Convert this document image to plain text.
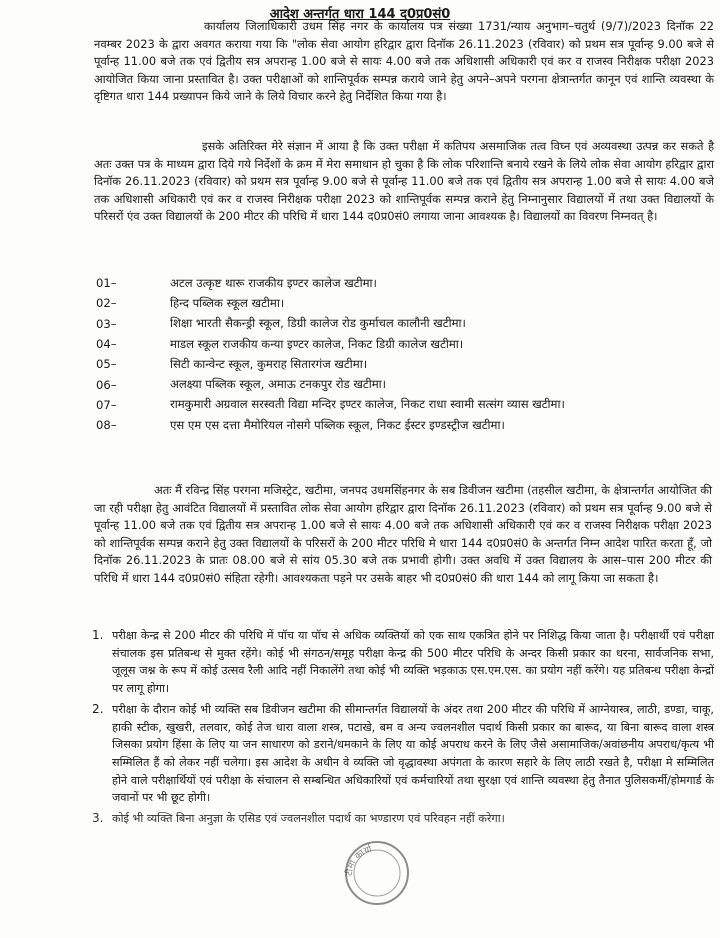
आदेश अन्तर्गत धारा 144 द0प्र0सं0

कार्यालय जिलाधिकारी उधम सिंह नगर के कार्यालय पत्र संख्या 1731/न्याय अनुभाग–चतुर्थ (9/7)/2023 दिनॉक 22 नवम्बर 2023 के द्वारा अवगत कराया गया कि "लोक सेवा आयोग हरिद्वार द्वारा दिनॉक 26.11.2023 (रविवार) को प्रथम सत्र पूर्वान्ह 9.00 बजे से पूर्वान्ह 11.00 बजे तक एवं द्वितीय सत्र अपरान्ह 1.00 बजे से सायः 4.00 बजे तक अधिशासी अधिकारी एवं कर व राजस्व निरीक्षक परीक्षा 2023 आयोजित किया जाना प्रस्तावित है। उक्त परीक्षाओं को शान्तिपूर्वक सम्पन्न कराये जाने हेतु अपने–अपने परगना क्षेत्रान्तर्गत कानून एवं शान्ति व्यवस्था के दृष्टिगत धारा 144 प्रख्यापन किये जाने के लिये विचार करने हेतु निर्देशित किया गया है।

इसके अतिरिक्त मेरे संज्ञान में आया है कि उक्त परीक्षा में कतिपय असमाजिक तत्व विघ्न एवं अव्यवस्था उत्पन्न कर सकते है अतः उक्त पत्र के माध्यम द्वारा दिये गये निर्देशों के क्रम में मेरा समाधान हो चुका है कि लोक परिशान्ति बनाये रखने के लिये लोक सेवा आयोग हरिद्वार द्वारा दिनॉक 26.11.2023 (रविवार) को प्रथम सत्र पूर्वान्ह 9.00 बजे से पूर्वान्ह 11.00 बजे तक एवं द्वितीय सत्र अपरान्ह 1.00 बजे से सायः 4.00 बजे तक अधिशासी अधिकारी एवं कर व राजस्व निरीक्षक परीक्षा 2023 को शान्तिपूर्वक सम्पन्न कराने हेतु निम्नानुसार विद्यालयों में तथा उक्त विद्यालयों के परिसरों एंव उक्त विद्यालयों के 200 मीटर की परिधि में धारा 144 द0प्र0सं0 लगाया जाना आवश्यक है। विद्यालयों का विवरण निम्नवत् है।

01–	अटल उत्कृष्ट थारू राजकीय इण्टर कालेज खटीमा।
02–	हिन्द पब्लिक स्कूल खटीमा।
03–	शिक्षा भारती सैकन्ड्री स्कूल, डिग्री कालेज रोड कुर्माचल कालौनी खटीमा।
04–	माडल स्कूल राजकीय कन्या इण्टर कालेज, निकट डिग्री कालेज खटीमा।
05–	सिटी कान्वेन्ट स्कूल, कुमराह सितारगंज खटीमा।
06–	अलक्ष्या पब्लिक स्कूल, अमाऊ टनकपुर रोड खटीमा।
07–	रामकुमारी अग्रवाल सरस्वती विद्या मन्दिर इण्टर कालेज, निकट राधा स्वामी सत्संग व्यास खटीमा।
08–	एस एम एस दत्ता मैमोरियल नोसगे पब्लिक स्कूल, निकट ईस्टर इण्डस्ट्रीज खटीमा।

अतः मैं रविन्द्र सिंह परगना मजिस्ट्रेट, खटीमा, जनपद उधमसिंहनगर के सब डिवीजन खटीमा (तहसील खटीमा, के क्षेत्रान्तर्गत आयोजित की जा रही परीक्षा हेतु आवंटित विद्यालयों में प्रस्तावित लोक सेवा आयोग हरिद्वार द्वारा दिनॉक 26.11.2023 (रविवार) को प्रथम सत्र पूर्वान्ह 9.00 बजे से पूर्वान्ह 11.00 बजे तक एवं द्वितीय सत्र अपरान्ह 1.00 बजे से सायः 4.00 बजे तक अधिशासी अधिकारी एवं कर व राजस्व निरीक्षक परीक्षा 2023 को शान्तिपूर्वक सम्पन्न कराने हेतु उक्त विद्यालयों के परिसरों के 200 मीटर परिधि मे धारा 144 द0प्र0सं0 के अन्तर्गत निम्न आदेश पारित करता हूँ, जो दिनॉक 26.11.2023 के प्रातः 08.00 बजे से सांय 05.30 बजे तक प्रभावी होगी। उक्त अवधि में उक्त विद्यालय के आस–पास 200 मीटर की परिधि में धारा 144 द0प्र0सं0 संहिता रहेगी। आवश्यकता पड़ने पर उसके बाहर भी द0प्र0सं0 की धारा 144 को लागू किया जा सकता है।

1. परीक्षा केन्द्र से 200 मीटर की परिधि में पॉच या पॉच से अधिक व्यक्तियों को एक साथ एकत्रित होने पर निशिद्ध किया जाता है। परीक्षार्थी एवं परीक्षा संचालक इस प्रतिबन्ध से मुक्त रहेंगे। कोई भी संगठन/समूह परीक्षा केन्द्र की 500 मीटर परिधि के अन्दर किसी प्रकार का धरना, सार्वजनिक सभा, जूलूस जश्न के रूप में कोई उत्सव रैली आदि नहीं निकालेंगे तथा कोई भी व्यक्ति भड़काऊ एस.एम.एस. का प्रयोग नहीं करेंगे। यह प्रतिबन्ध परीक्षा केन्द्रों पर लागू होगा।
2. परीक्षा के दौरान कोई भी व्यक्ति सब डिवीजन खटीमा की सीमान्तर्गत विद्यालयों के अंदर तथा 200 मीटर की परिधि में आग्नेयास्त्र, लाठी, डण्डा, चाकू, हाकी स्टीक, खुखरी, तलवार, कोई तेज धारा वाला शस्त्र, पटाखे, बम व अन्य ज्वलनशील पदार्थ किसी प्रकार का बारूद, या बिना बारूद वाला शस्त्र जिसका प्रयोग हिंसा के लिए या जन साधारण को डराने/धमकाने के लिए या कोई अपराध करने के लिए जैसे असामाजिक/अवांछनीय अपराध/कृत्य भी सम्मिलित हैं को लेकर नहीं चलेगा। इस आदेश के अधीन वे व्यक्ति जो वृद्धावस्था अपंगता के कारण सहारे के लिए लाठी रखते है, परीक्षा मे सम्मिलित होने वाले परीक्षार्थियों एवं परीक्षा के संचालन से सम्बन्धित अधिकारियों एवं कर्मचारियों तथा सुरक्षा एवं शान्ति व्यवस्था हेतु तैनात पुलिसकर्मी/होमगार्ड के जवानों पर भी छूट होगी।
3. कोई भी व्यक्ति बिना अनुज्ञा के एसिड एवं ज्वलनशील पदार्थ का भण्डारण एवं परिवहन नहीं करेगा।
टीमा कार्या
